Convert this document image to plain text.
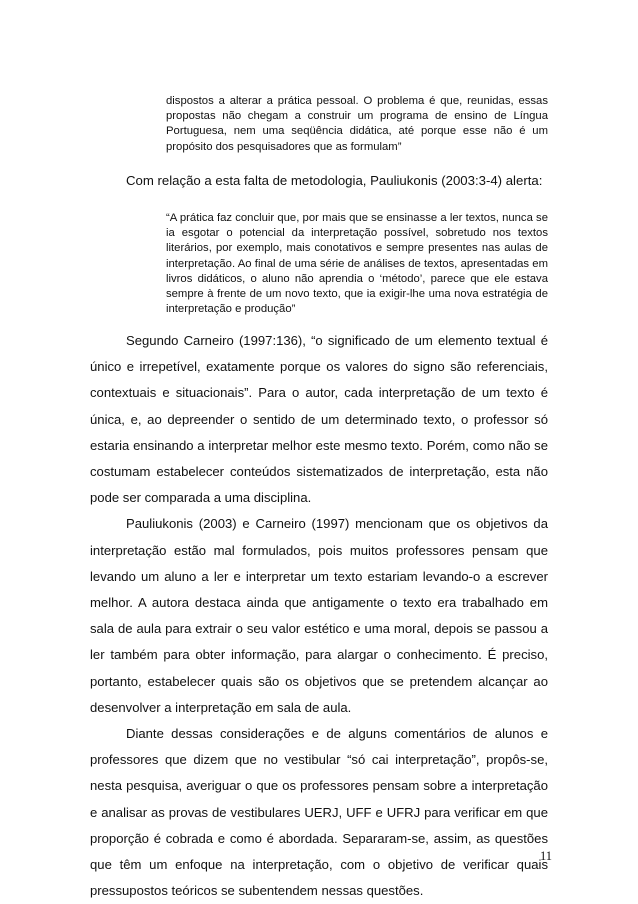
dispostos a alterar a prática pessoal. O problema é que, reunidas, essas propostas não chegam a construir um programa de ensino de Língua Portuguesa, nem uma seqüência didática, até porque esse não é um propósito dos pesquisadores que as formulam”

Com relação a esta falta de metodologia, Pauliukonis (2003:3-4) alerta:

“A prática faz concluir que, por mais que se ensinasse a ler textos, nunca se ia esgotar o potencial da interpretação possível, sobretudo nos textos literários, por exemplo, mais conotativos e sempre presentes nas aulas de interpretação. Ao final de uma série de análises de textos, apresentadas em livros didáticos, o aluno não aprendia o ‘método’, parece que ele estava sempre à frente de um novo texto, que ia exigir-lhe uma nova estratégia de interpretação e produção”

Segundo Carneiro (1997:136), “o significado de um elemento textual é único e irrepetível, exatamente porque os valores do signo são referenciais, contextuais e situacionais”. Para o autor, cada interpretação de um texto é única, e, ao depreender o sentido de um determinado texto, o professor só estaria ensinando a interpretar melhor este mesmo texto. Porém, como não se costumam estabelecer conteúdos sistematizados de interpretação, esta não pode ser comparada a uma disciplina.

Pauliukonis (2003) e Carneiro (1997) mencionam que os objetivos da interpretação estão mal formulados, pois muitos professores pensam que levando um aluno a ler e interpretar um texto estariam levando-o a escrever melhor. A autora destaca ainda que antigamente o texto era trabalhado em sala de aula para extrair o seu valor estético e uma moral, depois se passou a ler também para obter informação, para alargar o conhecimento. É preciso, portanto, estabelecer quais são os objetivos que se pretendem alcançar ao desenvolver a interpretação em sala de aula.

Diante dessas considerações e de alguns comentários de alunos e professores que dizem que no vestibular “só cai interpretação”, propôs-se, nesta pesquisa, averiguar o que os professores pensam sobre a interpretação e analisar as provas de vestibulares UERJ, UFF e UFRJ para verificar em que proporção é cobrada e como é abordada. Separaram-se, assim, as questões que têm um enfoque na interpretação, com o objetivo de verificar quais pressupostos teóricos se subentendem nessas questões.

11
